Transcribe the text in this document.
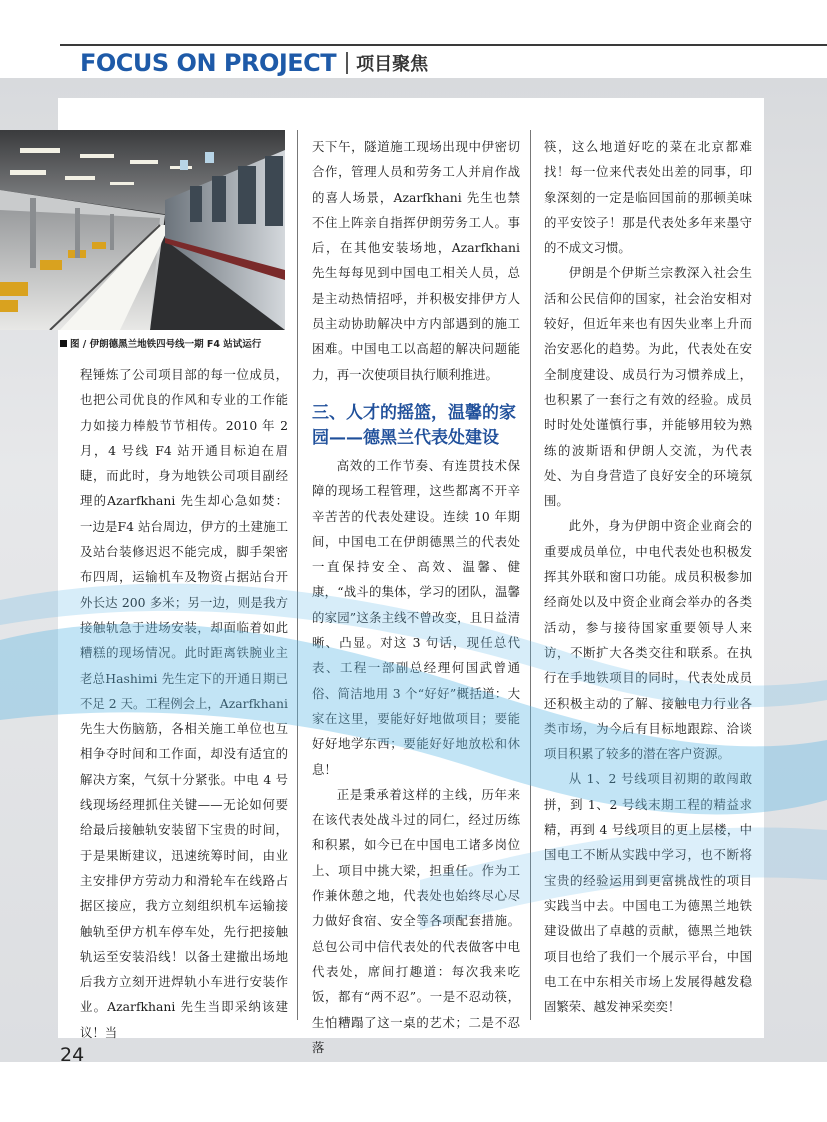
FOCUS ON PROJECT 项目聚焦
图 / 伊朗德黑兰地铁四号线一期 F4 站试运行

程锤炼了公司项目部的每一位成员，也把公司优良的作风和专业的工作能力如接力棒般节节相传。2010 年 2 月，4 号线 F4 站开通目标迫在眉睫，而此时，身为地铁公司项目副经理的Azarfkhani 先生却心急如焚：一边是F4 站台周边，伊方的土建施工及站台装修迟迟不能完成，脚手架密布四周，运输机车及物资占据站台开外长达 200 多米；另一边，则是我方接触轨急于进场安装，却面临着如此糟糕的现场情况。此时距离铁腕业主老总Hashimi 先生定下的开通日期已不足 2 天。工程例会上，Azarfkhani 先生大伤脑筋，各相关施工单位也互相争夺时间和工作面，却没有适宜的解决方案，气氛十分紧张。中电 4 号线现场经理抓住关键——无论如何要给最后接触轨安装留下宝贵的时间，于是果断建议，迅速统筹时间，由业主安排伊方劳动力和滑轮车在线路占据区接应，我方立刻组织机车运输接触轨至伊方机车停车处，先行把接触轨运至安装沿线！以备土建撤出场地后我方立刻开进焊轨小车进行安装作业。Azarfkhani 先生当即采纳该建议！当

天下午，隧道施工现场出现中伊密切合作，管理人员和劳务工人并肩作战的喜人场景，Azarfkhani 先生也禁不住上阵亲自指挥伊朗劳务工人。事后，在其他安装场地，Azarfkhani 先生每每见到中国电工相关人员，总是主动热情招呼，并积极安排伊方人员主动协助解决中方内部遇到的施工困难。中国电工以高超的解决问题能力，再一次使项目执行顺利推进。

三、人才的摇篮，温馨的家园——德黑兰代表处建设

高效的工作节奏、有连贯技术保障的现场工程管理，这些都离不开辛辛苦苦的代表处建设。连续 10 年期间，中国电工在伊朗德黑兰的代表处一直保持安全、高效、温馨、健康，“战斗的集体，学习的团队，温馨的家园”这条主线不曾改变，且日益清晰、凸显。对这 3 句话，现任总代表、工程一部副总经理何国武曾通俗、简洁地用 3 个“好好”概括道：大家在这里，要能好好地做项目；要能好好地学东西；要能好好地放松和休息！

正是秉承着这样的主线，历年来在该代表处战斗过的同仁，经过历练和积累，如今已在中国电工诸多岗位上、项目中挑大梁，担重任。作为工作兼休憩之地，代表处也始终尽心尽力做好食宿、安全等各项配套措施。总包公司中信代表处的代表做客中电代表处，席间打趣道：每次我来吃饭，都有“两不忍”。一是不忍动筷，生怕糟蹋了这一桌的艺术；二是不忍落

筷，这么地道好吃的菜在北京都难找！每一位来代表处出差的同事，印象深刻的一定是临回国前的那顿美味的平安饺子！那是代表处多年来墨守的不成文习惯。

伊朗是个伊斯兰宗教深入社会生活和公民信仰的国家，社会治安相对较好，但近年来也有因失业率上升而治安恶化的趋势。为此，代表处在安全制度建设、成员行为习惯养成上，也积累了一套行之有效的经验。成员时时处处谨慎行事，并能够用较为熟练的波斯语和伊朗人交流，为代表处、为自身营造了良好安全的环境氛围。

此外，身为伊朗中资企业商会的重要成员单位，中电代表处也积极发挥其外联和窗口功能。成员积极参加经商处以及中资企业商会举办的各类活动，参与接待国家重要领导人来访，不断扩大各类交往和联系。在执行在手地铁项目的同时，代表处成员还积极主动的了解、接触电力行业各类市场，为今后有目标地跟踪、洽谈项目积累了较多的潜在客户资源。

从 1、2 号线项目初期的敢闯敢拼，到 1、2 号线末期工程的精益求精，再到 4 号线项目的更上层楼，中国电工不断从实践中学习，也不断将宝贵的经验运用到更富挑战性的项目实践当中去。中国电工为德黑兰地铁建设做出了卓越的贡献，德黑兰地铁项目也给了我们一个展示平台，中国电工在中东相关市场上发展得越发稳固繁荣、越发神采奕奕！

24
